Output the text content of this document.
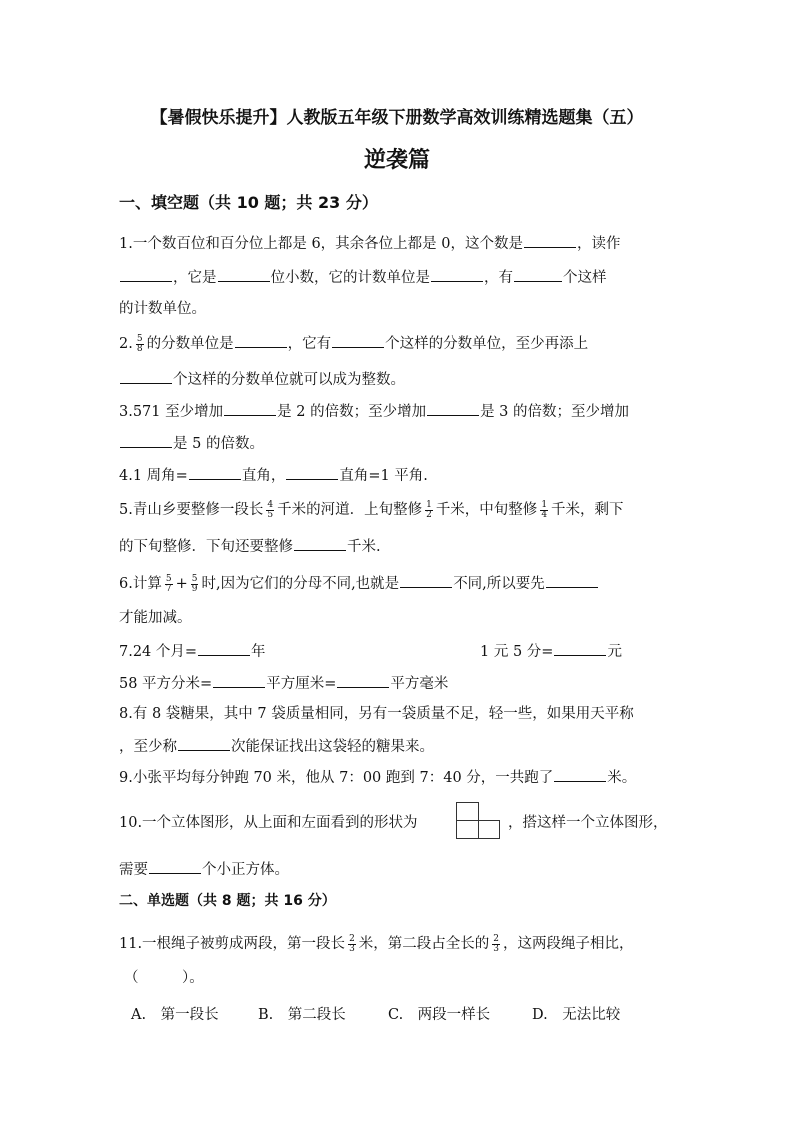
【暑假快乐提升】人教版五年级下册数学高效训练精选题集（五）
逆袭篇
一、填空题（共 10 题；共 23 分）
1.一个数百位和百分位上都是 6，其余各位上都是 0，这个数是	，读作
，它是	位小数，它的计数单位是	，有	个这样
的计数单位。
2. $\frac{5}{8}$ 的分数单位是	，它有	个这样的分数单位，至少再添上
个这样的分数单位就可以成为整数。
3.571 至少增加	是 2 的倍数；至少增加	是 3 的倍数；至少增加
是 5 的倍数。
4.1 周角=	直角，	直角=1 平角.
5.青山乡要整修一段长 $\frac{4}{5}$ 千米的河道．上旬整修 $\frac{1}{2}$ 千米，中旬整修 $\frac{1}{4}$ 千米，剩下
的下旬整修．下旬还要整修	千米.
6.计算 $\frac{5}{7} + \frac{5}{9}$ 时,因为它们的分母不同,也就是	不同,所以要先
才能加减。
7.24 个月=	年	1 元 5 分=	元
58 平方分米=	平方厘米=	平方毫米
8.有 8 袋糖果，其中 7 袋质量相同，另有一袋质量不足，轻一些，如果用天平称
，至少称	次能保证找出这袋轻的糖果来。
9.小张平均每分钟跑 70 米，他从 7：00 跑到 7：40 分，一共跑了	米。
10.一个立体图形，从上面和左面看到的形状为	，搭这样一个立体图形，
需要	个小正方体。
二、单选题（共 8 题；共 16 分）
11.一根绳子被剪成两段，第一段长 $\frac{2}{3}$ 米，第二段占全长的 $\frac{2}{3}$ ，这两段绳子相比，
（　　　）。
A.　第一段长	B.　第二段长	C.　两段一样长	D.　无法比较
